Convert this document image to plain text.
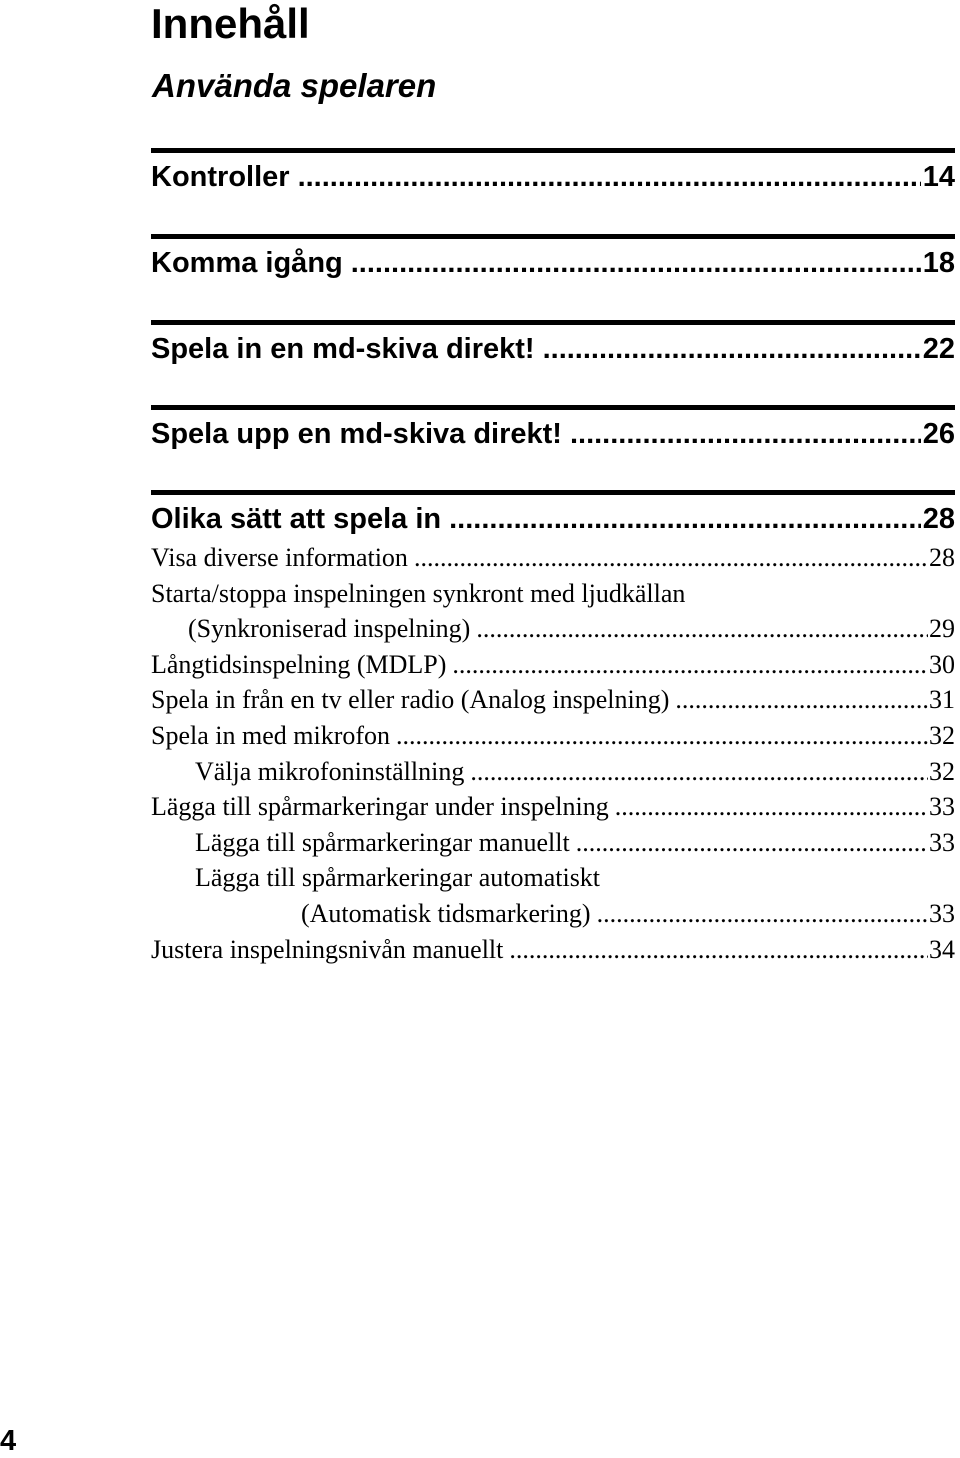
Innehåll
Använda spelaren
Kontroller .....	14
Komma igång .....	18
Spela in en md-skiva direkt! .....	22
Spela upp en md-skiva direkt! .....	26
Olika sätt att spela in .....	28
Visa diverse information .....	28
Starta/stoppa inspelningen synkront med ljudkällan
(Synkroniserad inspelning) .....	29
Långtidsinspelning (MDLP) .....	30
Spela in från en tv eller radio (Analog inspelning) .....	31
Spela in med mikrofon .....	32
Välja mikrofoninställning .....	32
Lägga till spårmarkeringar under inspelning .....	33
Lägga till spårmarkeringar manuellt .....	33
Lägga till spårmarkeringar automatiskt
(Automatisk tidsmarkering) .....	33
Justera inspelningsnivån manuellt .....	34
4
